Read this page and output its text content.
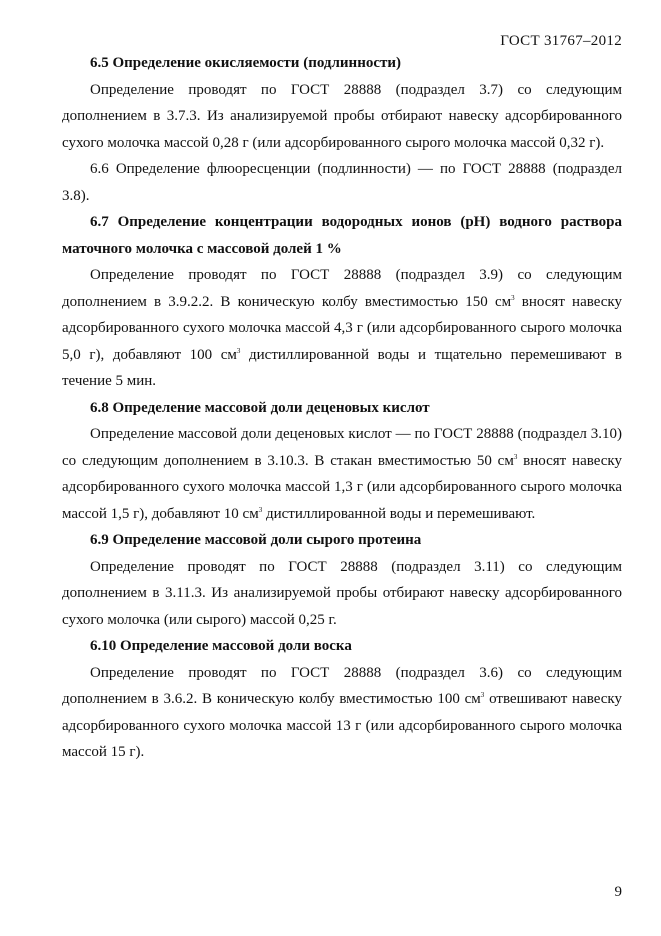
ГОСТ 31767–2012

6.5 Определение окисляемости (подлинности)

Определение проводят по ГОСТ 28888 (подраздел 3.7) со следующим дополнением в 3.7.3. Из анализируемой пробы отбирают навеску адсорбированного сухого молочка массой 0,28 г (или адсорбированного сырого молочка массой 0,32 г).

6.6 Определение флюоресценции (подлинности) — по ГОСТ 28888 (подраздел 3.8).

6.7 Определение концентрации водородных ионов (рН) водного раствора маточного молочка с массовой долей 1 %

Определение проводят по ГОСТ 28888 (подраздел 3.9) со следующим дополнением в 3.9.2.2. В коническую колбу вместимостью 150 $см^3$ вносят навеску адсорбированного сухого молочка массой 4,3 г (или адсорбированного сырого молочка 5,0 г), добавляют 100 $см^3$ дистиллированной воды и тщательно перемешивают в течение 5 мин.

6.8 Определение массовой доли деценовых кислот

Определение массовой доли деценовых кислот — по ГОСТ 28888 (подраздел 3.10) со следующим дополнением в 3.10.3. В стакан вместимостью 50 $см^3$ вносят навеску адсорбированного сухого молочка массой 1,3 г (или адсорбированного сырого молочка массой 1,5 г), добавляют 10 $см^3$ дистиллированной воды и перемешивают.

6.9 Определение массовой доли сырого протеина

Определение проводят по ГОСТ 28888 (подраздел 3.11) со следующим дополнением в 3.11.3. Из анализируемой пробы отбирают навеску адсорбированного сухого молочка (или сырого) массой 0,25 г.

6.10 Определение массовой доли воска

Определение проводят по ГОСТ 28888 (подраздел 3.6) со следующим дополнением в 3.6.2. В коническую колбу вместимостью 100 $см^3$ отвешивают навеску адсорбированного сухого молочка массой 13 г (или адсорбированного сырого молочка массой 15 г).

9
